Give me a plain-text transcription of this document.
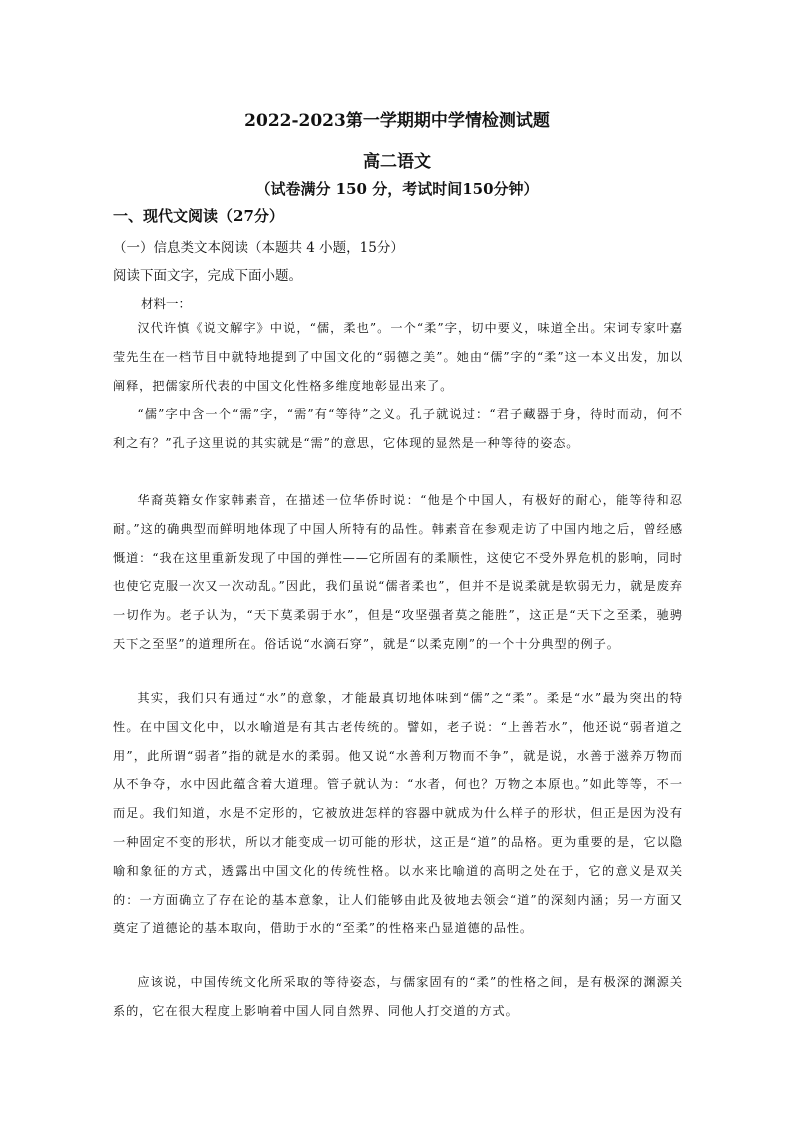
2022-2023第一学期期中学情检测试题
高二语文
（试卷满分 150 分，考试时间150分钟）
一、现代文阅读（27分）
（一）信息类文本阅读（本题共 4 小题，15分）
阅读下面文字，完成下面小题。
材料一：
汉代许慎《说文解字》中说，“儒，柔也”。一个“柔”字，切中要义，味道全出。宋词专家叶嘉莹先生在一档节目中就特地提到了中国文化的“弱德之美”。她由“儒”字的“柔”这一本义出发，加以阐释，把儒家所代表的中国文化性格多维度地彰显出来了。
“儒”字中含一个“需”字，“需”有“等待”之义。孔子就说过：“君子藏器于身，待时而动，何不利之有？”孔子这里说的其实就是“需”的意思，它体现的显然是一种等待的姿态。
华裔英籍女作家韩素音，在描述一位华侨时说：“他是个中国人，有极好的耐心，能等待和忍耐。”这的确典型而鲜明地体现了中国人所特有的品性。韩素音在参观走访了中国内地之后，曾经感慨道：“我在这里重新发现了中国的弹性——它所固有的柔顺性，这使它不受外界危机的影响，同时也使它克服一次又一次动乱。”因此，我们虽说“儒者柔也”，但并不是说柔就是软弱无力，就是废弃一切作为。老子认为，“天下莫柔弱于水”，但是“攻坚强者莫之能胜”，这正是“天下之至柔，驰骋天下之至坚”的道理所在。俗话说“水滴石穿”，就是“以柔克刚”的一个十分典型的例子。
其实，我们只有通过“水”的意象，才能最真切地体味到“儒”之“柔”。柔是“水”最为突出的特性。在中国文化中，以水喻道是有其古老传统的。譬如，老子说：“上善若水”，他还说“弱者道之用”，此所谓“弱者”指的就是水的柔弱。他又说“水善利万物而不争”，就是说，水善于滋养万物而从不争夺，水中因此蕴含着大道理。管子就认为：“水者，何也？万物之本原也。”如此等等，不一而足。我们知道，水是不定形的，它被放进怎样的容器中就成为什么样子的形状，但正是因为没有一种固定不变的形状，所以才能变成一切可能的形状，这正是“道”的品格。更为重要的是，它以隐喻和象征的方式，透露出中国文化的传统性格。以水来比喻道的高明之处在于，它的意义是双关的：一方面确立了存在论的基本意象，让人们能够由此及彼地去领会“道”的深刻内涵；另一方面又奠定了道德论的基本取向，借助于水的“至柔”的性格来凸显道德的品性。
应该说，中国传统文化所采取的等待姿态，与儒家固有的“柔”的性格之间，是有极深的渊源关系的，它在很大程度上影响着中国人同自然界、同他人打交道的方式。
